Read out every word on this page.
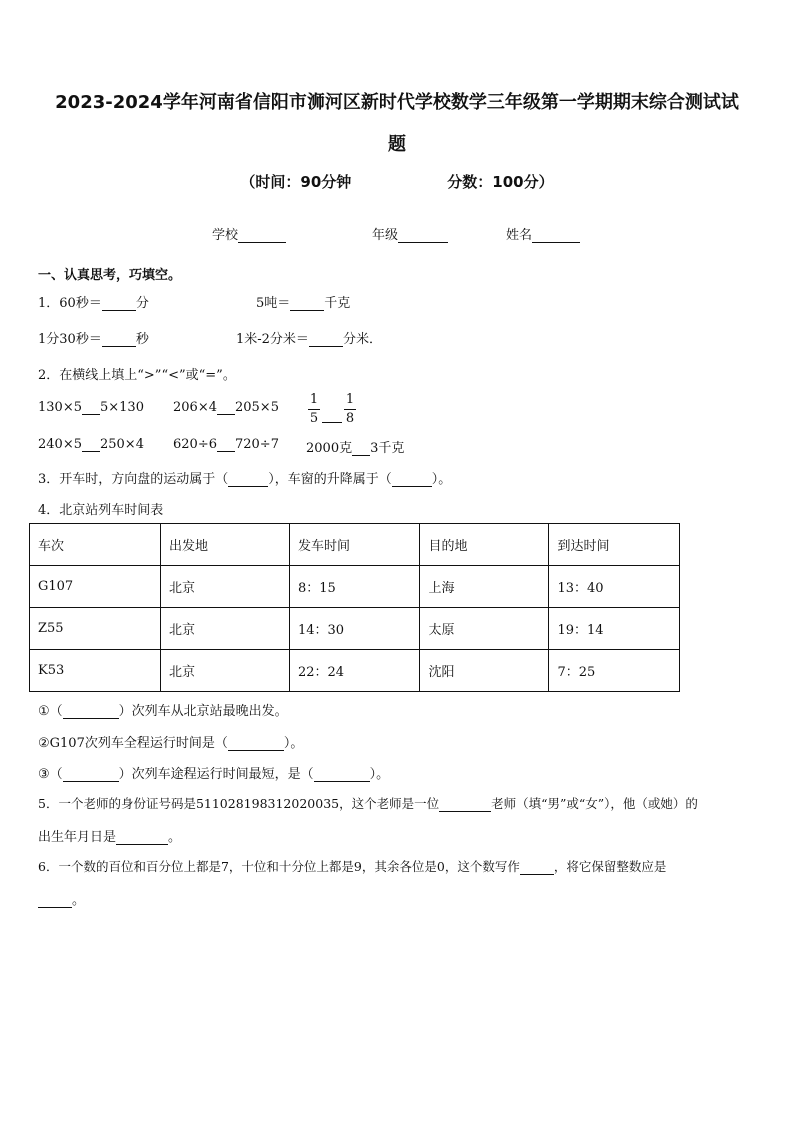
2023-2024学年河南省信阳市浉河区新时代学校数学三年级第一学期期末综合测试试
题
（时间：90分钟	分数：100分）
学校	年级	姓名
一、认真思考，巧填空。
1．60秒＝	分	5吨＝	千克
1分30秒＝	秒	1米-2分米＝	分米．
2．在横线上填上“>”“<”或“=”。
130×5 5×130 206×4 205×5
1
5
1
8
240×5 250×4 620÷6 720÷7 2000克 3千克
3．开车时，方向盘的运动属于（	），车窗的升降属于（	）。
4．北京站列车时间表
车次	出发地	发车时间	目的地	到达时间
G107	北京	8：15	上海	13：40
Z55	北京	14：30	太原	19：14
K53	北京	22：24	沈阳	7：25
①（	）次列车从北京站最晚出发。
②G107次列车全程运行时间是（	）。
③（	）次列车途程运行时间最短，是（	）。
5．一个老师的身份证号码是511028198312020035，这个老师是一位	老师（填“男”或“女”），他（或她）的
出生年月日是	。
6．一个数的百位和百分位上都是7，十位和十分位上都是9，其余各位是0，这个数写作	，将它保留整数应是
。
